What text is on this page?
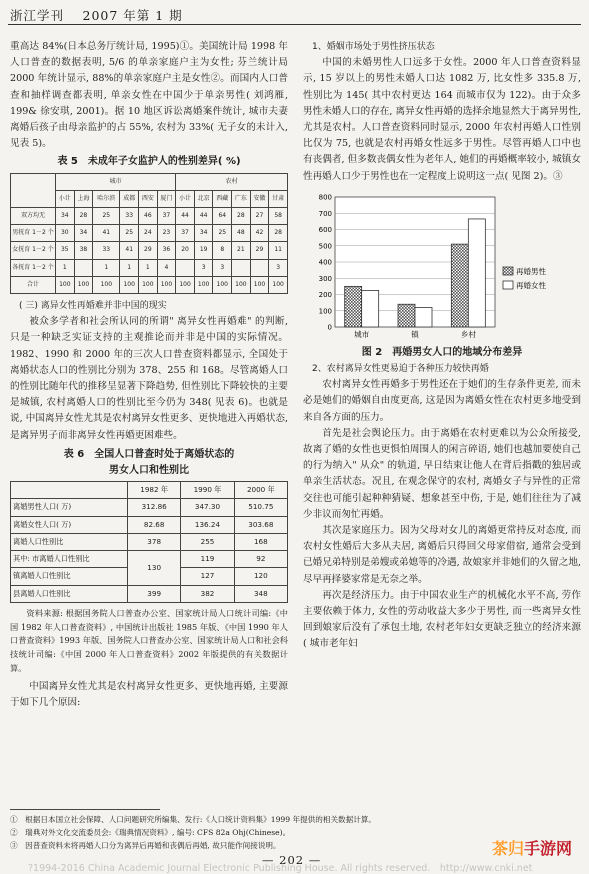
浙江学刊　 2007 年第 1 期

重高达 84%(日本总务厅统计局, 1995)①。美国统计局 1998 年人口普查的数据表明, 5/6 的单亲家庭户主为女性; 芬兰统计局 2000 年统计显示, 88%的单亲家庭户主是女性②。而国内人口普查和抽样调查都表明, 单亲女性在中国少于单亲男性( 刘鸿雁, 199& 徐安琪, 2001)。据 10 地区诉讼离婚案件统计, 城市夫妻离婚后孩子由母亲监护的占 55%, 农村为 33%( 无子女的未计入, 见表 5)。

表 5　未成年子女监护人的性别差异( %)
	城市						农村					
	小计	上海	哈尔滨	成都	西安	厦门	小计	北京	西藏	广东	安徽	甘肃
双方均无	34	28	25	33	46	37	44	44	64	28	27	58
男抚育 1－2 个	30	34	41	25	24	23	37	34	25	48	42	28
女抚育 1－2 个	35	38	33	41	29	36	20	19	8	21	29	11
各抚育 1－2 个	1		1	1	1	4		3	3			3
合计	100	100	100	100	100	100	100	100	100	100	100	100

( 三) 离异女性再婚难并非中国的现实

被众多学者和社会所认同的所谓" 离异女性再婚难" 的判断, 只是一种缺乏实证支持的主观推论而并非是中国的实际情况。1982、1990 和 2000 年的三次人口普查资料都显示, 全国处于离婚状态人口的性别比分别为 378、255 和 168。尽管离婚人口的性别比随年代的推移呈显著下降趋势, 但性别比下降较快的主要是城镇, 农村离婚人口的性别比至今仍为 348( 见表 6)。也就是说, 中国离异女性尤其是农村离异女性更多、更快地进入再婚状态, 是离异男子而非离异女性再婚更困难些。

表 6　全国人口普查时处于离婚状态的
男女人口和性别比
	1982 年	1990 年	2000 年
离婚男性人口( 万)	312.86	347.30	510.75
离婚女性人口( 万)	82.68	136.24	303.68
离婚人口性别比	378	255	168
其中: 市离婚人口性别比	130	119	92
镇离婚人口性别比		127	120
县离婚人口性别比	399	382	348

资料来源: 根据国务院人口普查办公室、国家统计局人口统计司编:《中国 1982 年人口普查资料》, 中国统计出版社 1985 年版、《中国 1990 年人口普查资料》1993 年版、国务院人口普查办公室、国家统计局人口和社会科技统计司编:《中国 2000 年人口普查资料》2002 年版提供的有关数据计算。

中国离异女性尤其是农村离异女性更多、更快地再婚, 主要源于如下几个原因:

1、婚姻市场处于男性挤压状态

中国的未婚男性人口远多于女性。2000 年人口普查资料显示, 15 岁以上的男性未婚人口达 1082 万, 比女性多 335.8 万, 性别比为 145( 其中农村更达 164 而城市仅为 122)。由于众多男性未婚人口的存在, 离异女性再婚的选择余地显然大于离异男性, 尤其是农村。人口普查资料同时显示, 2000 年农村再婚人口性别比仅为 75, 也就是农村再婚女性远多于男性。尽管再婚人口中也有丧偶者, 但多数丧偶女性为老年人, 她们的再婚概率较小, 城镇女性再婚人口少于男性也在一定程度上说明这一点( 见图 2)。③

0
100
200
300
400
500
600
700
800
城市	镇	乡村
再婚男性
再婚女性
图 2　再婚男女人口的地域分布差异

2、农村离异女性更易迫于各种压力较快再婚

农村离异女性再婚多于男性还在于她们的生存条件更差, 而未必是她们的婚姻自由度更高, 这是因为离婚女性在农村更多地受到来自各方面的压力。

首先是社会舆论压力。由于离婚在农村更难以为公众所接受, 故离了婚的女性也更惧怕周围人的闲言碎语, 她们也越加要使自己的行为纳入" 从众" 的轨道, 早日结束让他人在背后指戳的独居或单亲生活状态。况且, 在观念保守的农村, 离婚女子与异性的正常交往也可能引起种种猜疑、想象甚至中伤, 于是, 她们往往为了减少非议而匆忙再婚。

其次是家庭压力。因为父母对女儿的离婚更常持反对态度, 而农村女性婚后大多从夫居, 离婚后只得回父母家借宿, 通常会受到已婚兄弟特别是弟嫂或弟媳等的冷遇, 故娘家并非她们的久留之地, 尽早再择婆家常是无奈之举。

再次是经济压力。由于中国农业生产的机械化水平不高, 劳作主要依赖于体力, 女性的劳动收益大多少于男性, 而一些离异女性回到娘家后没有了承包土地, 农村老年妇女更缺乏独立的经济来源( 城市老年妇

①　根据日本国立社会保障、人口问题研究所编集、发行:《人口统计资料集》1999 年提供的相关数据计算。
②　瑞典对外文化交流委员会:《瑞典情况资料》, 编号: CFS 82a Ohj(Chinese)。
③　因普查资料未将再婚人口分为离异后再婚和丧偶后再婚, 故只能作间接说明。
— 202 —
?1994-2016 China Academic Journal Electronic Publishing House. All rights reserved.　http://www.cnki.net
茶归手游网
